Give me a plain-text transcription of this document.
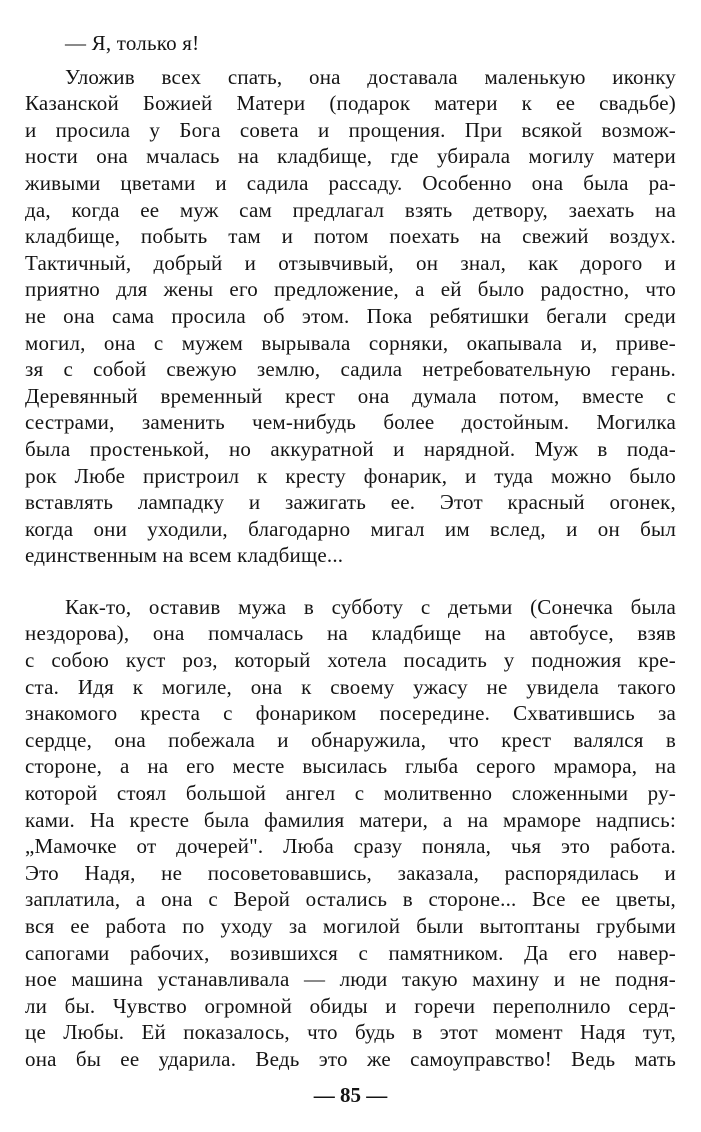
— Я, только я!
Уложив всех спать, она доставала маленькую иконку
Казанской Божией Матери (подарок матери к ее свадьбе)
и просила у Бога совета и прощения. При всякой возмож-
ности она мчалась на кладбище, где убирала могилу матери
живыми цветами и садила рассаду. Особенно она была ра-
да, когда ее муж сам предлагал взять детвору, заехать на
кладбище, побыть там и потом поехать на свежий воздух.
Тактичный, добрый и отзывчивый, он знал, как дорого и
приятно для жены его предложение, а ей было радостно, что
не она сама просила об этом. Пока ребятишки бегали среди
могил, она с мужем вырывала сорняки, окапывала и, приве-
зя с собой свежую землю, садила нетребовательную герань.
Деревянный временный крест она думала потом, вместе с
сестрами, заменить чем-нибудь более достойным. Могилка
была простенькой, но аккуратной и нарядной. Муж в пода-
рок Любе пристроил к кресту фонарик, и туда можно было
вставлять лампадку и зажигать ее. Этот красный огонек,
когда они уходили, благодарно мигал им вслед, и он был
единственным на всем кладбище...
Как-то, оставив мужа в субботу с детьми (Сонечка была
нездорова), она помчалась на кладбище на автобусе, взяв
с собою куст роз, который хотела посадить у подножия кре-
ста. Идя к могиле, она к своему ужасу не увидела такого
знакомого креста с фонариком посередине. Схватившись за
сердце, она побежала и обнаружила, что крест валялся в
стороне, а на его месте высилась глыба серого мрамора, на
которой стоял большой ангел с молитвенно сложенными ру-
ками. На кресте была фамилия матери, а на мраморе надпись:
„Мамочке от дочерей". Люба сразу поняла, чья это работа.
Это Надя, не посоветовавшись, заказала, распорядилась и
заплатила, а она с Верой остались в стороне... Все ее цветы,
вся ее работа по уходу за могилой были вытоптаны грубыми
сапогами рабочих, возившихся с памятником. Да его навер-
ное машина устанавливала — люди такую махину и не подня-
ли бы. Чувство огромной обиды и горечи переполнило серд-
це Любы. Ей показалось, что будь в этот момент Надя тут,
она бы ее ударила. Ведь это же самоуправство! Ведь мать
— 85 —
